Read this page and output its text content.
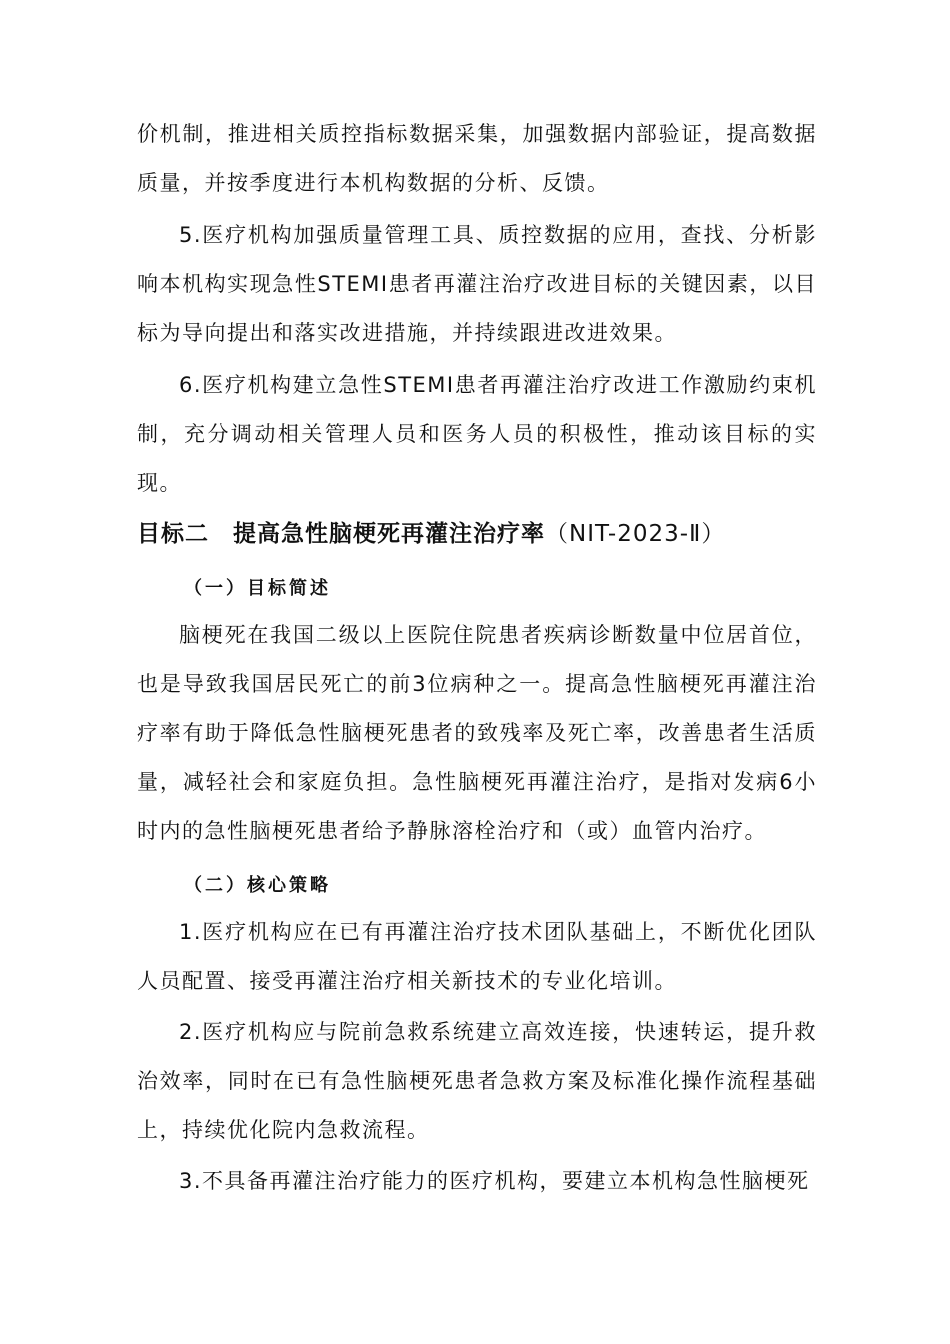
价机制，推进相关质控指标数据采集，加强数据内部验证，提高数据质量，并按季度进行本机构数据的分析、反馈。

5.医疗机构加强质量管理工具、质控数据的应用，查找、分析影响本机构实现急性STEMI患者再灌注治疗改进目标的关键因素，以目标为导向提出和落实改进措施，并持续跟进改进效果。

6.医疗机构建立急性STEMI患者再灌注治疗改进工作激励约束机制，充分调动相关管理人员和医务人员的积极性，推动该目标的实现。

目标二 提高急性脑梗死再灌注治疗率（NIT-2023-Ⅱ）
（一）目标简述

脑梗死在我国二级以上医院住院患者疾病诊断数量中位居首位，也是导致我国居民死亡的前3位病种之一。提高急性脑梗死再灌注治疗率有助于降低急性脑梗死患者的致残率及死亡率，改善患者生活质量，减轻社会和家庭负担。急性脑梗死再灌注治疗，是指对发病6小时内的急性脑梗死患者给予静脉溶栓治疗和（或）血管内治疗。

（二）核心策略

1.医疗机构应在已有再灌注治疗技术团队基础上，不断优化团队人员配置、接受再灌注治疗相关新技术的专业化培训。

2.医疗机构应与院前急救系统建立高效连接，快速转运，提升救治效率，同时在已有急性脑梗死患者急救方案及标准化操作流程基础上，持续优化院内急救流程。

3.不具备再灌注治疗能力的医疗机构，要建立本机构急性脑梗死
